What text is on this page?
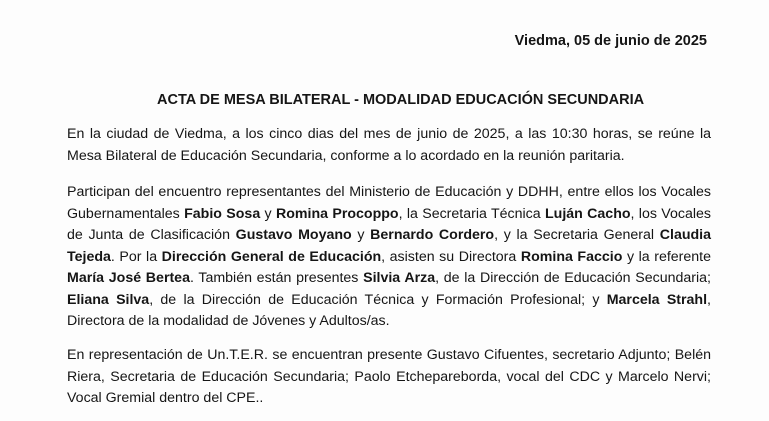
Viedma, 05 de junio de 2025
ACTA DE MESA BILATERAL - MODALIDAD EDUCACIÓN SECUNDARIA
En la ciudad de Viedma, a los cinco dias del mes de junio de 2025, a las 10:30 horas, se reúne la Mesa Bilateral de Educación Secundaria, conforme a lo acordado en la reunión paritaria.
Participan del encuentro representantes del Ministerio de Educación y DDHH, entre ellos los Vocales Gubernamentales Fabio Sosa y Romina Procoppo, la Secretaria Técnica Luján Cacho, los Vocales de Junta de Clasificación Gustavo Moyano y Bernardo Cordero, y la Secretaria General Claudia Tejeda. Por la Dirección General de Educación, asisten su Directora Romina Faccio y la referente María José Bertea. También están presentes Silvia Arza, de la Dirección de Educación Secundaria; Eliana Silva, de la Dirección de Educación Técnica y Formación Profesional; y Marcela Strahl, Directora de la modalidad de Jóvenes y Adultos/as.
En representación de Un.T.E.R. se encuentran presente Gustavo Cifuentes, secretario Adjunto; Belén Riera, Secretaria de Educación Secundaria; Paolo Etchepareborda, vocal del CDC y Marcelo Nervi; Vocal Gremial dentro del CPE..
